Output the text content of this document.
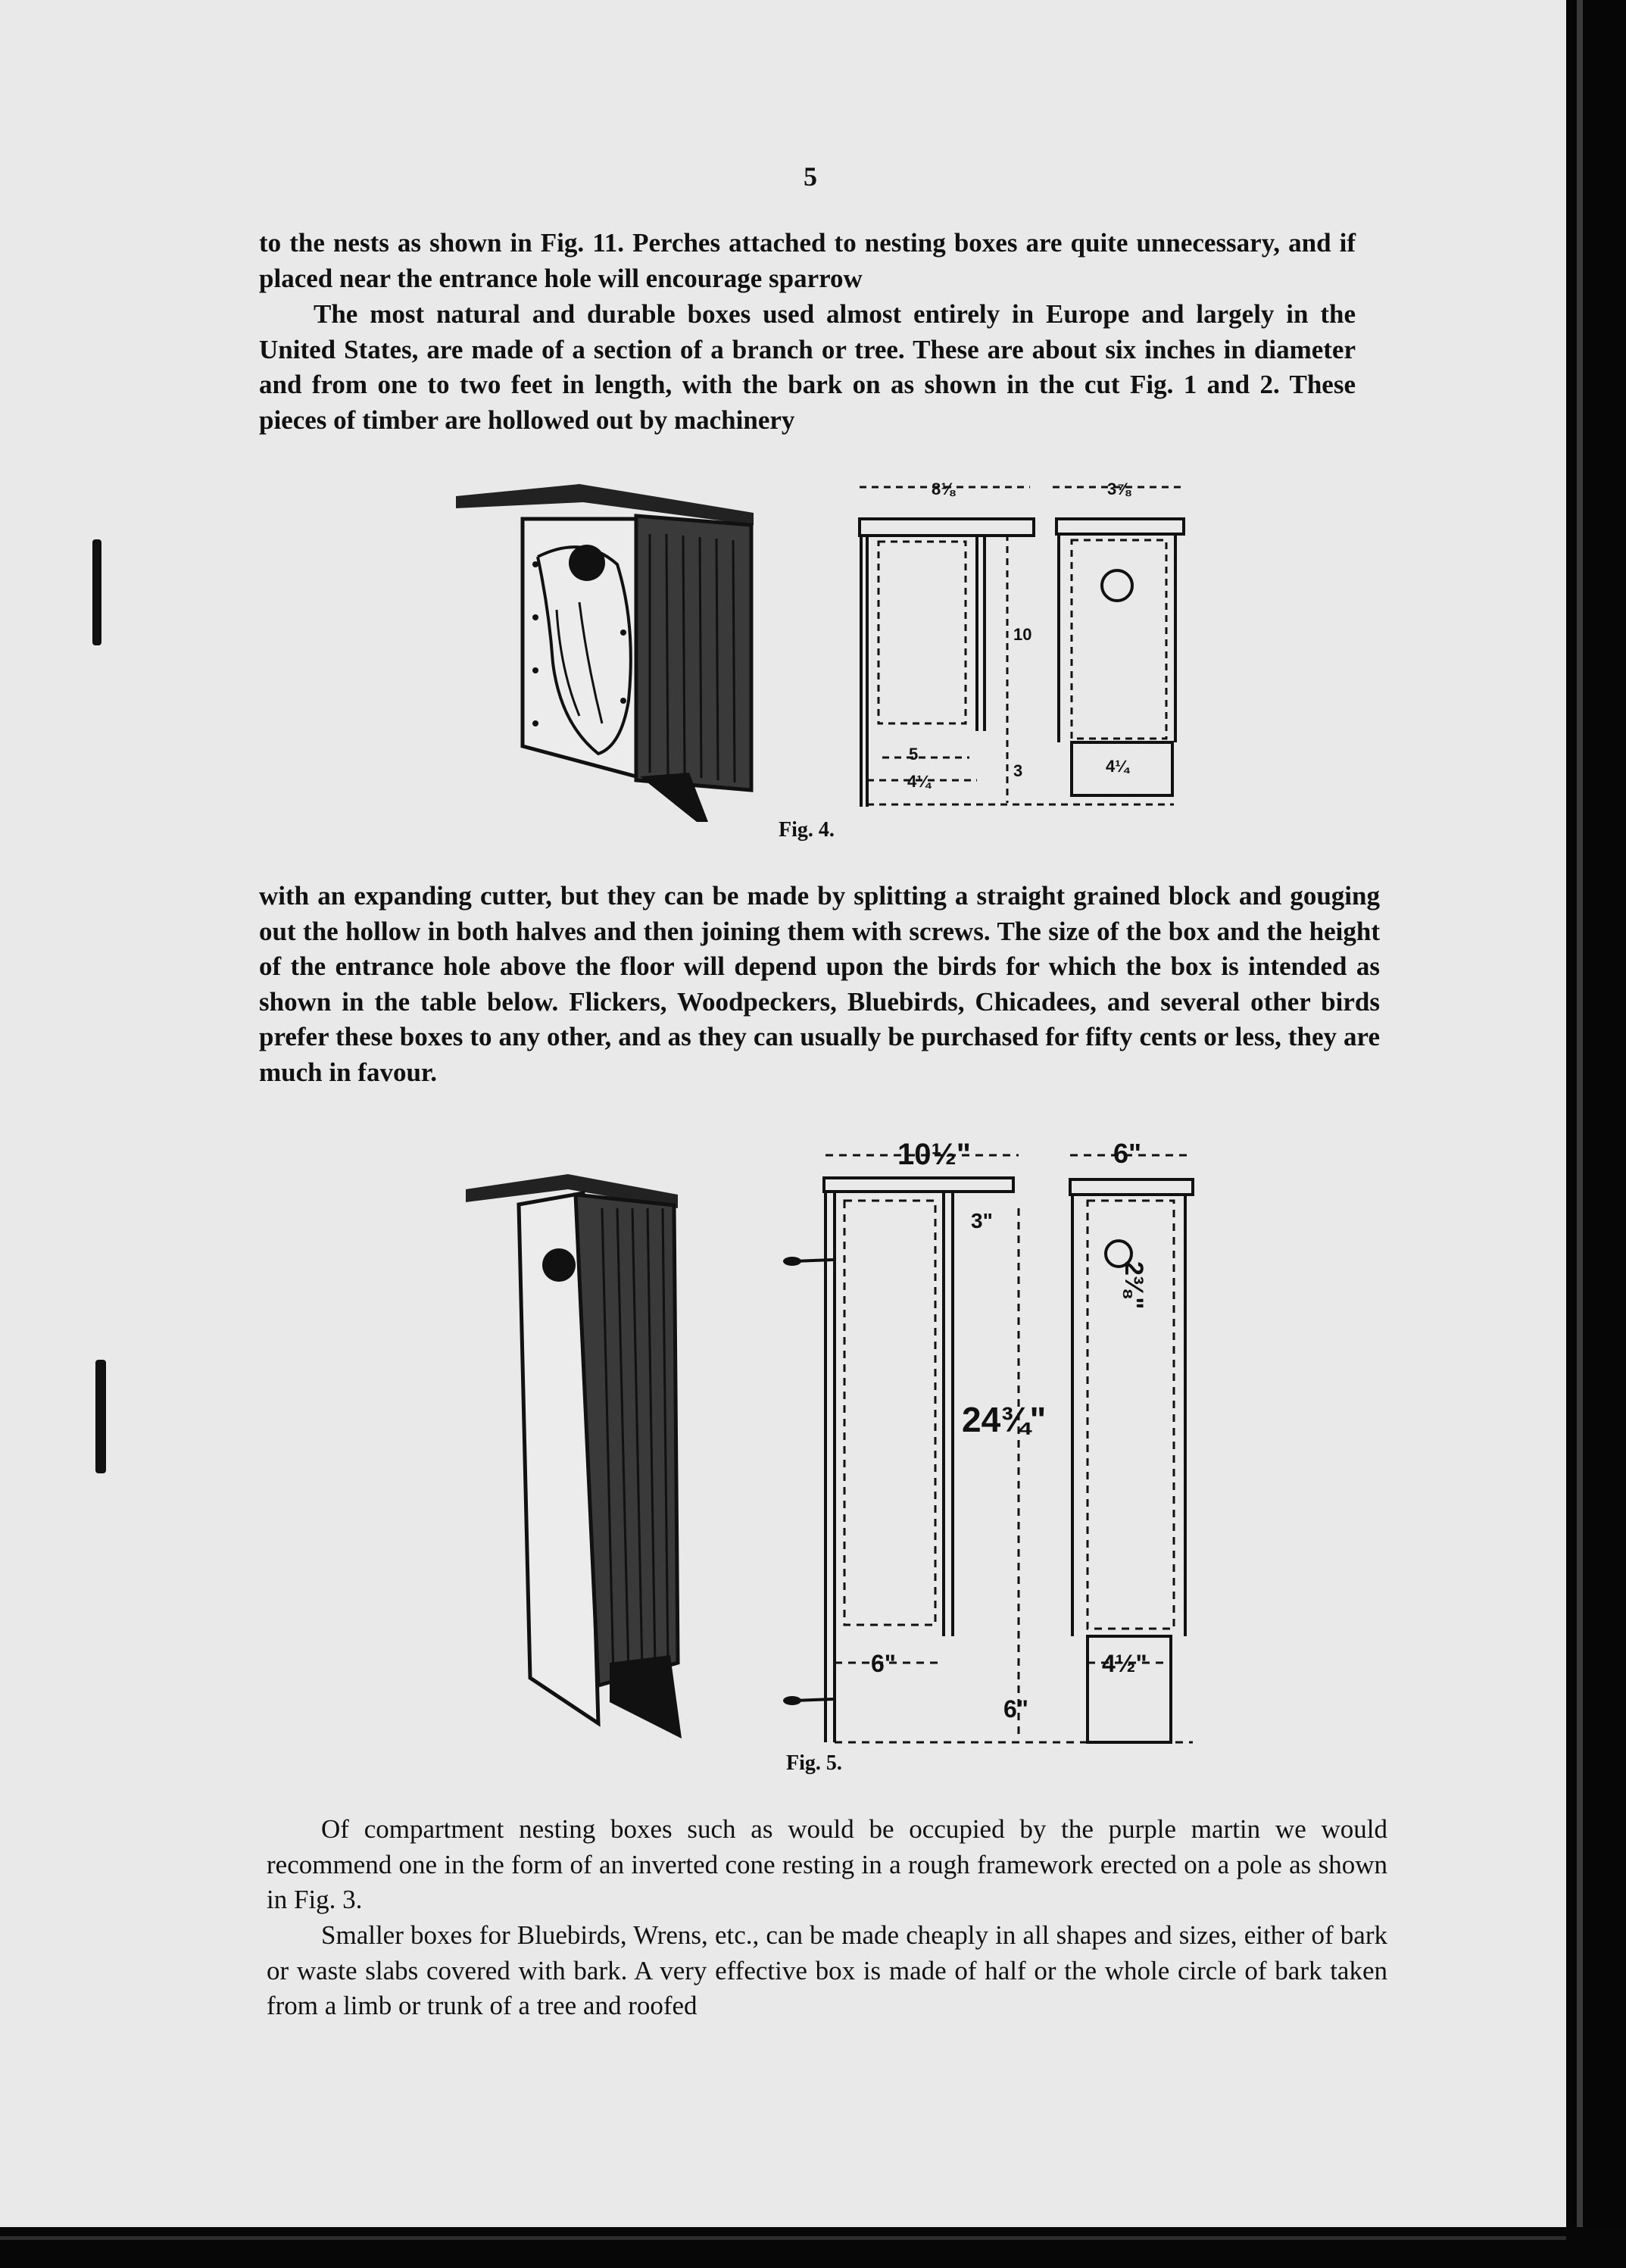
5

to the nests as shown in Fig. 11. Perches attached to nesting boxes are quite unnecessary, and if placed near the entrance hole will encourage sparrow

The most natural and durable boxes used almost entirely in Europe and largely in the United States, are made of a section of a branch or tree. These are about six inches in diameter and from one to two feet in length, with the bark on as shown in the cut Fig. 1 and 2. These pieces of timber are hollowed out by machinery

8⅛	3⅞
10
5
4¼
4¼
3
Fig. 4.

with an expanding cutter, but they can be made by splitting a straight grained block and gouging out the hollow in both halves and then joining them with screws. The size of the box and the height of the entrance hole above the floor will depend upon the birds for which the box is intended as shown in the table below. Flickers, Woodpeckers, Bluebirds, Chicadees, and several other birds prefer these boxes to any other, and as they can usually be purchased for fifty cents or less, they are much in favour.

10½"	6"
3"
24¾"
2⅜"
6"	4½"
6"
Fig. 5.

Of compartment nesting boxes such as would be occupied by the purple martin we would recommend one in the form of an inverted cone resting in a rough framework erected on a pole as shown in Fig. 3.

Smaller boxes for Bluebirds, Wrens, etc., can be made cheaply in all shapes and sizes, either of bark or waste slabs covered with bark. A very effective box is made of half or the whole circle of bark taken from a limb or trunk of a tree and roofed
